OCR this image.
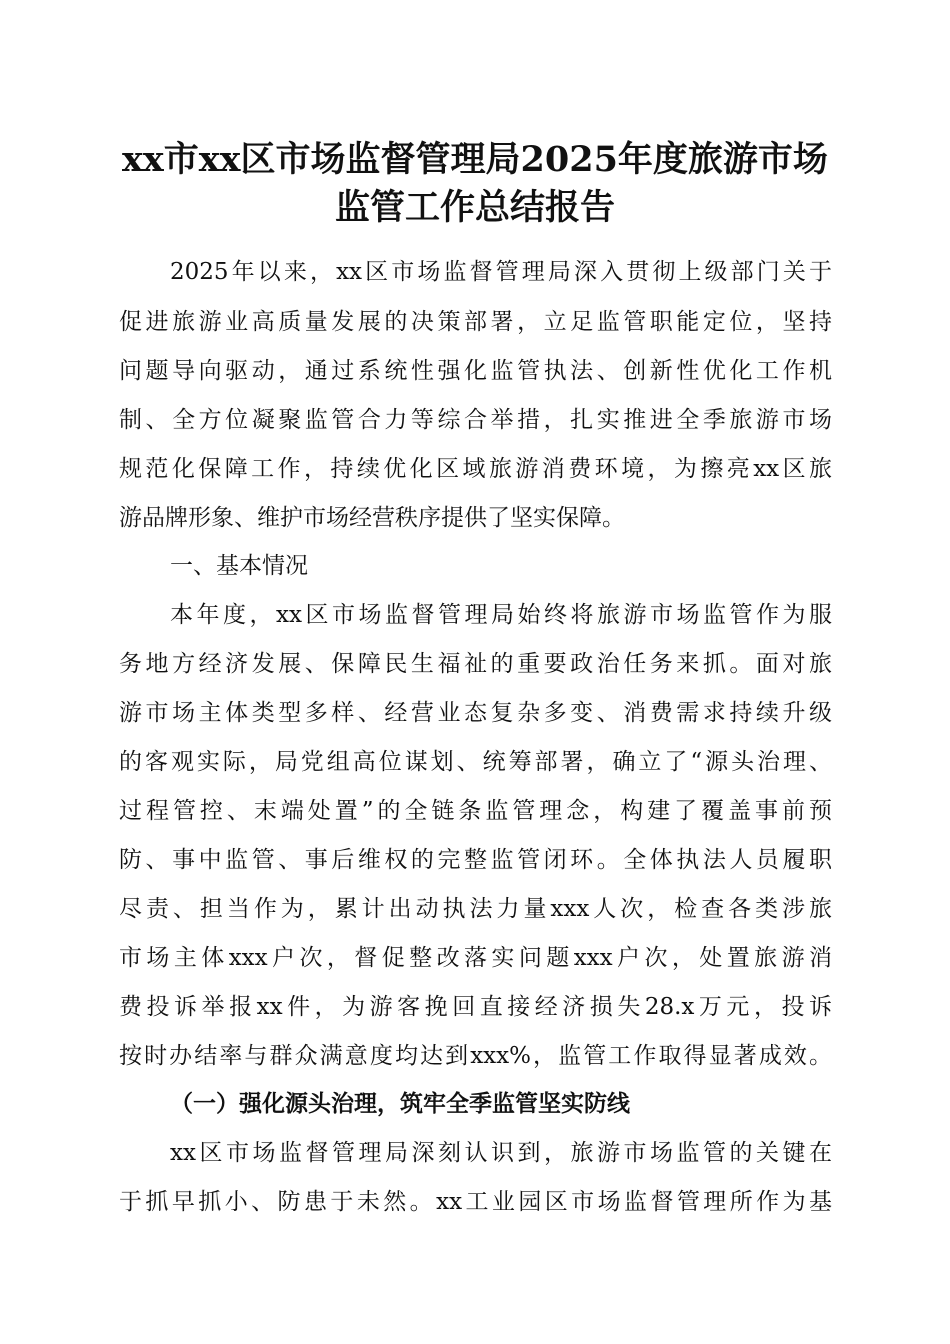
xx市xx区市场监督管理局2025年度旅游市场
监管工作总结报告
2025年以来，xx区市场监督管理局深入贯彻上级部门关于
促进旅游业高质量发展的决策部署，立足监管职能定位，坚持
问题导向驱动，通过系统性强化监管执法、创新性优化工作机
制、全方位凝聚监管合力等综合举措，扎实推进全季旅游市场
规范化保障工作，持续优化区域旅游消费环境，为擦亮xx区旅
游品牌形象、维护市场经营秩序提供了坚实保障。
一、基本情况
本年度，xx区市场监督管理局始终将旅游市场监管作为服
务地方经济发展、保障民生福祉的重要政治任务来抓。面对旅
游市场主体类型多样、经营业态复杂多变、消费需求持续升级
的客观实际，局党组高位谋划、统筹部署，确立了“源头治理、
过程管控、末端处置”的全链条监管理念，构建了覆盖事前预
防、事中监管、事后维权的完整监管闭环。全体执法人员履职
尽责、担当作为，累计出动执法力量xxx人次，检查各类涉旅
市场主体xxx户次，督促整改落实问题xxx户次，处置旅游消
费投诉举报xx件，为游客挽回直接经济损失28.x万元，投诉
按时办结率与群众满意度均达到xxx%，监管工作取得显著成效。
（一）强化源头治理，筑牢全季监管坚实防线
xx区市场监督管理局深刻认识到，旅游市场监管的关键在
于抓早抓小、防患于未然。xx工业园区市场监督管理所作为基
